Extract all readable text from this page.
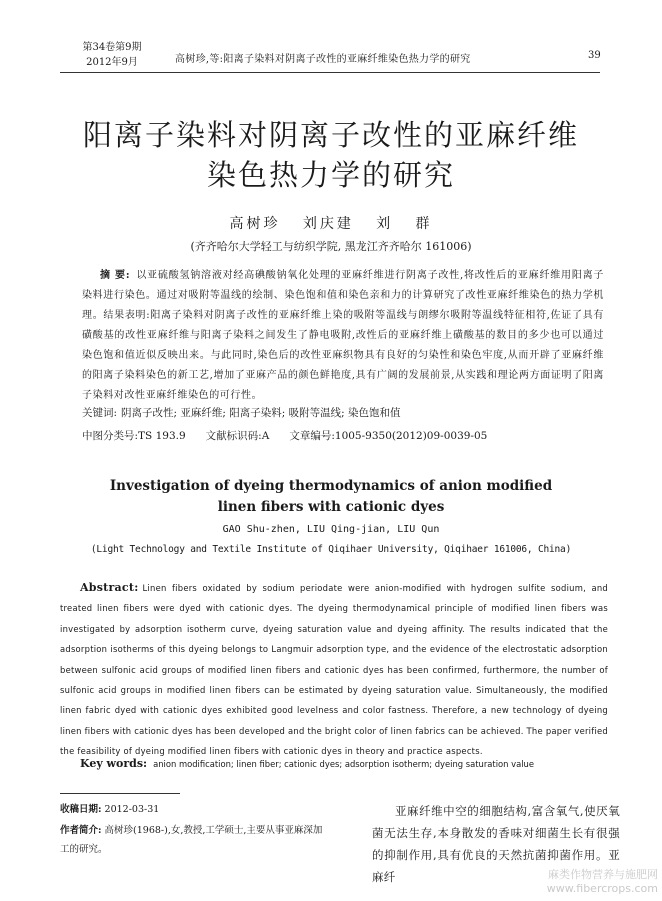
第34卷第9期
2012年9月	高树珍,等:阳离子染料对阴离子改性的亚麻纤维染色热力学的研究	39
阳离子染料对阴离子改性的亚麻纤维
染色热力学的研究
高树珍   刘庆建   刘   群
(齐齐哈尔大学轻工与纺织学院, 黑龙江齐齐哈尔 161006)
摘 要: 以亚硫酸氢钠溶液对经高碘酸钠氧化处理的亚麻纤维进行阴离子改性,将改性后的亚麻纤维用阳离子染料进行染色。通过对吸附等温线的绘制、染色饱和值和染色亲和力的计算研究了改性亚麻纤维染色的热力学机理。结果表明:阳离子染料对阴离子改性的亚麻纤维上染的吸附等温线与朗缪尔吸附等温线特征相符,佐证了具有磺酸基的改性亚麻纤维与阳离子染料之间发生了静电吸附,改性后的亚麻纤维上磺酸基的数目的多少也可以通过染色饱和值近似反映出来。与此同时,染色后的改性亚麻织物具有良好的匀染性和染色牢度,从而开辟了亚麻纤维的阳离子染料染色的新工艺,增加了亚麻产品的颜色鲜艳度,具有广阔的发展前景,从实践和理论两方面证明了阳离子染料对改性亚麻纤维染色的可行性。
关键词: 阴离子改性; 亚麻纤维; 阳离子染料; 吸附等温线; 染色饱和值
中图分类号:TS 193.9 文献标识码:A 文章编号:1005-9350(2012)09-0039-05
Investigation of dyeing thermodynamics of anion modified
linen fibers with cationic dyes
GAO Shu-zhen, LIU Qing-jian, LIU Qun
(Light Technology and Textile Institute of Qiqihaer University, Qiqihaer 161006, China)
Abstract: Linen fibers oxidated by sodium periodate were anion-modified with hydrogen sulfite sodium, and treated linen fibers were dyed with cationic dyes. The dyeing thermodynamical principle of modified linen fibers was investigated by adsorption isotherm curve, dyeing saturation value and dyeing affinity. The results indicated that the adsorption isotherms of this dyeing belongs to Langmuir adsorption type, and the evidence of the electrostatic adsorption between sulfonic acid groups of modified linen fibers and cationic dyes has been confirmed, furthermore, the number of sulfonic acid groups in modified linen fibers can be estimated by dyeing saturation value. Simultaneously, the modified linen fabric dyed with cationic dyes exhibited good levelness and color fastness. Therefore, a new technology of dyeing linen fibers with cationic dyes has been developed and the bright color of linen fabrics can be achieved. The paper verified the feasibility of dyeing modified linen fibers with cationic dyes in theory and practice aspects.
Key words: anion modification; linen fiber; cationic dyes; adsorption isotherm; dyeing saturation value
收稿日期: 2012-03-31
作者简介: 高树珍(1968-),女,教授,工学硕士,主要从事亚麻深加工的研究。
亚麻纤维中空的细胞结构,富含氧气,使厌氧菌无法生存,本身散发的香味对细菌生长有很强的抑制作用,具有优良的天然抗菌抑菌作用。亚麻纤	麻类作物营养与施肥网
www.fibercrops.com
